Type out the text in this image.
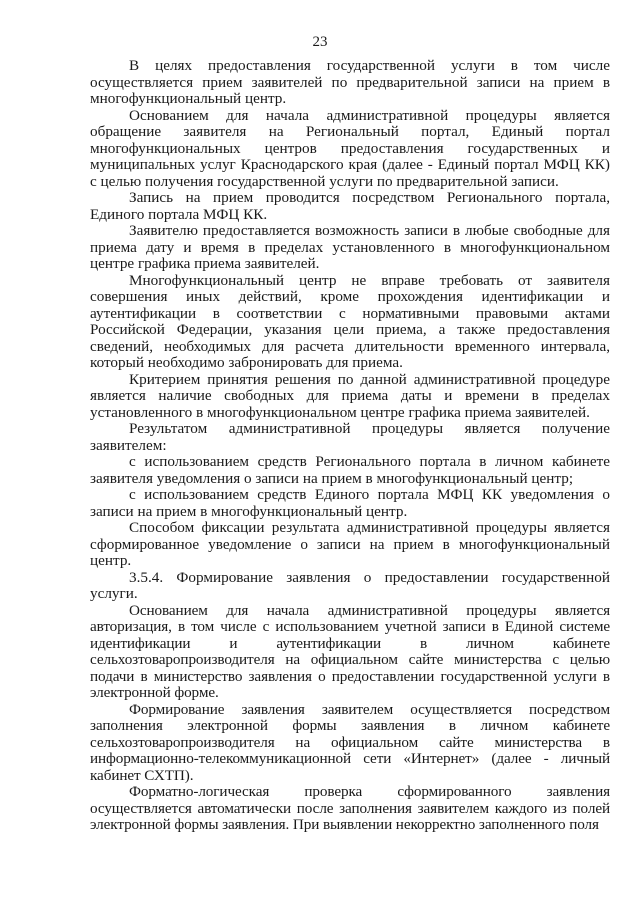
23

В целях предоставления государственной услуги в том числе осуществляется прием заявителей по предварительной записи на прием в многофункциональный центр.

Основанием для начала административной процедуры является обращение заявителя на Региональный портал, Единый портал многофункциональных центров предоставления государственных и муниципальных услуг Краснодарского края (далее - Единый портал МФЦ КК) с целью получения государственной услуги по предварительной записи.

Запись на прием проводится посредством Регионального портала, Единого портала МФЦ КК.

Заявителю предоставляется возможность записи в любые свободные для приема дату и время в пределах установленного в многофункциональном центре графика приема заявителей.

Многофункциональный центр не вправе требовать от заявителя совершения иных действий, кроме прохождения идентификации и аутентификации в соответствии с нормативными правовыми актами Российской Федерации, указания цели приема, а также предоставления сведений, необходимых для расчета длительности временного интервала, который необходимо забронировать для приема.

Критерием принятия решения по данной административной процедуре является наличие свободных для приема даты и времени в пределах установленного в многофункциональном центре графика приема заявителей.

Результатом административной процедуры является получение заявителем:

с использованием средств Регионального портала в личном кабинете заявителя уведомления о записи на прием в многофункциональный центр;

с использованием средств Единого портала МФЦ КК уведомления о записи на прием в многофункциональный центр.

Способом фиксации результата административной процедуры является сформированное уведомление о записи на прием в многофункциональный центр.

3.5.4. Формирование заявления о предоставлении государственной услуги.

Основанием для начала административной процедуры является авторизация, в том числе с использованием учетной записи в Единой системе идентификации и аутентификации в личном кабинете сельхозтоваропроизводителя на официальном сайте министерства с целью подачи в министерство заявления о предоставлении государственной услуги в электронной форме.

Формирование заявления заявителем осуществляется посредством заполнения электронной формы заявления в личном кабинете сельхозтоваропроизводителя на официальном сайте министерства в информационно-телекоммуникационной сети «Интернет» (далее - личный кабинет СХТП).

Форматно-логическая проверка сформированного заявления осуществляется автоматически после заполнения заявителем каждого из полей электронной формы заявления. При выявлении некорректно заполненного поля
